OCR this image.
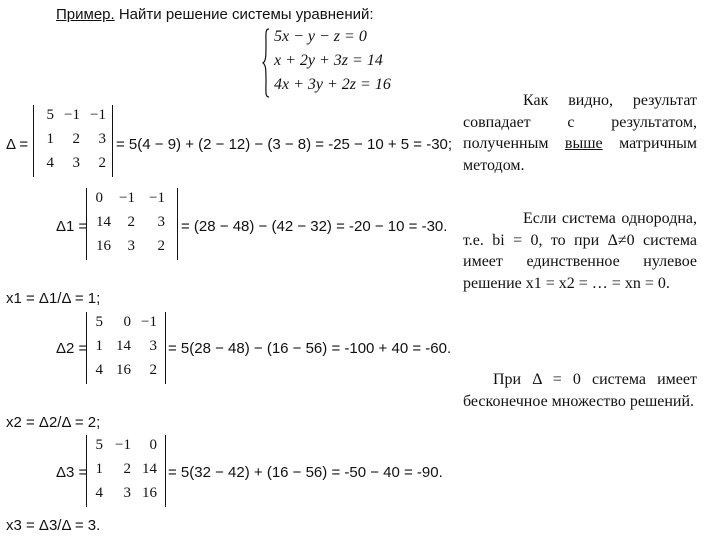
Пример. Найти решение системы уравнений:
5x − y − z = 0
x + 2y + 3z = 14
4x + 3y + 2z = 16
Δ =
5 −1 −1
1	2	3
4	3	2
= 5(4 − 9) + (2 − 12) − (3 − 8) = -25 − 10 + 5 = -30;
Δ1 =
0	−1 −1
14	2	3
16	3	2
= (28 − 48) − (42 − 32) = -20 − 10 = -30.
x1 = Δ1/Δ = 1;
Δ2 =
5	0 −1
1 14	3
4 16	2
= 5(28 − 48) − (16 − 56) = -100 + 40 = -60.
x2 = Δ2/Δ = 2;
Δ3 =
5 −1	0
1	2 14
4	3 16
= 5(32 − 42) + (16 − 56) = -50 − 40 = -90.
x3 = Δ3/Δ = 3.

Как видно, результат совпадает с результатом, полученным выше матричным методом.

Если система однородна, т.е. bi = 0, то при Δ≠0 система имеет единственное нулевое решение x1 = x2 = … = xn = 0.

При Δ = 0 система имеет бесконечное множество решений.
